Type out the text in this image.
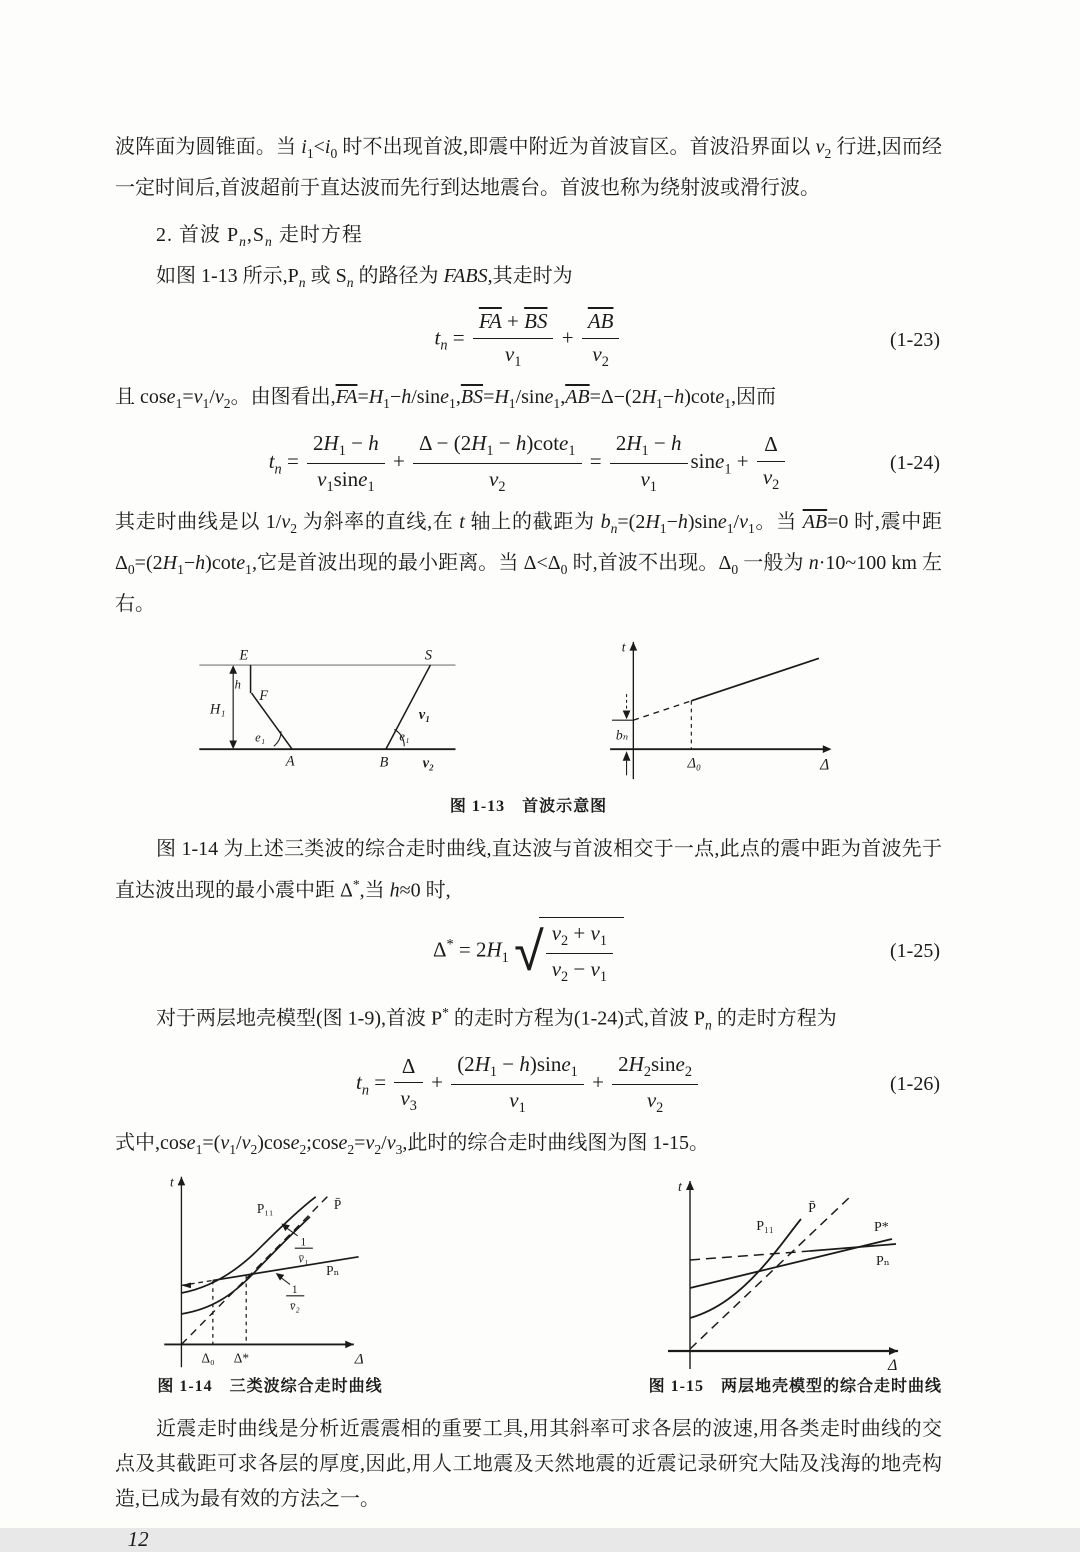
波阵面为圆锥面。当 $i_1<i_0$ 时不出现首波,即震中附近为首波盲区。首波沿界面以 $v_2$ 行进,因而经一定时间后,首波超前于直达波而先行到达地震台。首波也称为绕射波或滑行波。

2. 首波 $P_n,S_n$ 走时方程

如图 1-13 所示$,P_n$ 或 $S_n$ 的路径为 FABS,其走时为

$t_n = \frac{\overline{FA} + \overline{BS}}{v_1} + \frac{\overline{AB}}{v_2}$	(1-23)

且 $\cos e_1=v_1/v_2$。由图看出$,\overline{FA}=H_1-h/\sin e_1,\overline{BS}=H_1/\sin e_1,\overline{AB}=\Delta-(2H_1-h)\cot e_1$,因而

$t_n = \frac{2H_1 - h}{v_1\sin e_1} + \frac{\Delta - (2H_1 - h)\cot e_1}{v_2} = \frac{2H_1 - h}{v_1} \sin e_1 + \frac{\Delta}{v_2}$	(1-24)

其走时曲线是以 $1/v_2$ 为斜率的直线,在 t 轴上的截距为 $b_n=(2H_1-h)\sin e_1/v_1$。当 $\overline{AB}=0$ 时,震中距 $\Delta_0=(2H_1-h)\cot e_1$,它是首波出现的最小距离。当 $\Delta<\Delta_0$ 时,首波不出现。$\Delta_0$ 一般为 n·10~100 km 左右。

E	S
h
F
H₁
e₁	e₁
A	B
v₁
v₂
t
Δ
bₙ
Δ₀
图 1-13　首波示意图

图 1-14 为上述三类波的综合走时曲线,直达波与首波相交于一点,此点的震中距为首波先于直达波出现的最小震中距 Δ*,当 h≈0 时,

$\Delta^* = 2H_1$ √ $\frac{v_2 + v_1}{v_2 - v_1}$	(1-25)

对于两层地壳模型(图 1-9),首波 P* 的走时方程为(1-24)式,首波 $P_n$ 的走时方程为

$t_n = \frac{\Delta}{v_3} + \frac{(2H_1 - h)\sin e_1}{v_1} + \frac{2H_2\sin e_2}{v_2}$	(1-26)

式中$,\cos e_1=(v_1/v_2)\cos e_2;\cos e_2=v_2/v_3$,此时的综合走时曲线图为图 1-15。

t
Δ
P₁₁	P̄
Pₙ
Δ₀ Δ*
1
v̄₁
1
v̄₂
图 1-14　三类波综合走时曲线
t
Δ
P₁₁
P̄
P*
Pₙ
图 1-15　两层地壳模型的综合走时曲线

近震走时曲线是分析近震震相的重要工具,用其斜率可求各层的波速,用各类走时曲线的交点及其截距可求各层的厚度,因此,用人工地震及天然地震的近震记录研究大陆及浅海的地壳构造,已成为最有效的方法之一。

12
